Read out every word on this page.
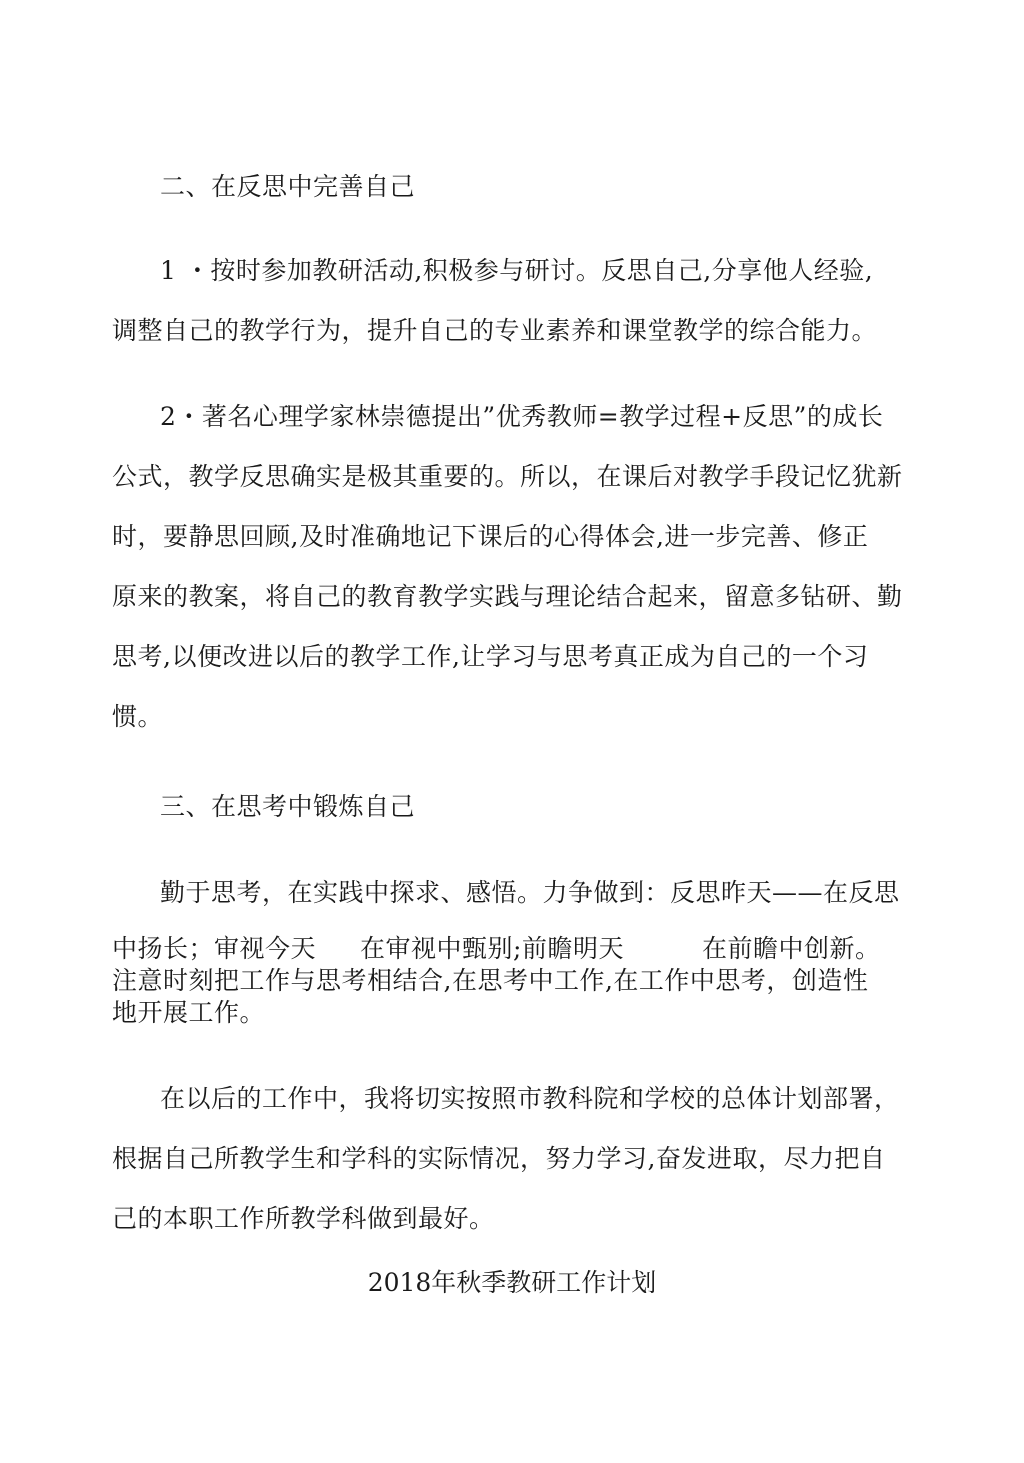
二、在反思中完善自己

1 ・按时参加教研活动,积极参与研讨。反思自己,分享他人经验,

调整自己的教学行为，提升自己的专业素养和课堂教学的综合能力。

2・著名心理学家林崇德提出”优秀教师=教学过程+反思”的成长

公式，教学反思确实是极其重要的。所以，在课后对教学手段记忆犹新

时，要静思回顾,及时准确地记下课后的心得体会,进一步完善、修正

原来的教案，将自己的教育教学实践与理论结合起来，留意多钻研、勤

思考,以便改进以后的教学工作,让学习与思考真正成为自己的一个习

惯。

三、在思考中锻炼自己

勤于思考，在实践中探求、感悟。力争做到：反思昨天——在反思

中扬长；审视今天 在审视中甄别;前瞻明天	在前瞻中创新。

注意时刻把工作与思考相结合,在思考中工作,在工作中思考，创造性

地开展工作。

在以后的工作中，我将切实按照市教科院和学校的总体计划部署，

根据自己所教学生和学科的实际情况，努力学习,奋发进取，尽力把自

己的本职工作所教学科做到最好。

2018年秋季教研工作计划
